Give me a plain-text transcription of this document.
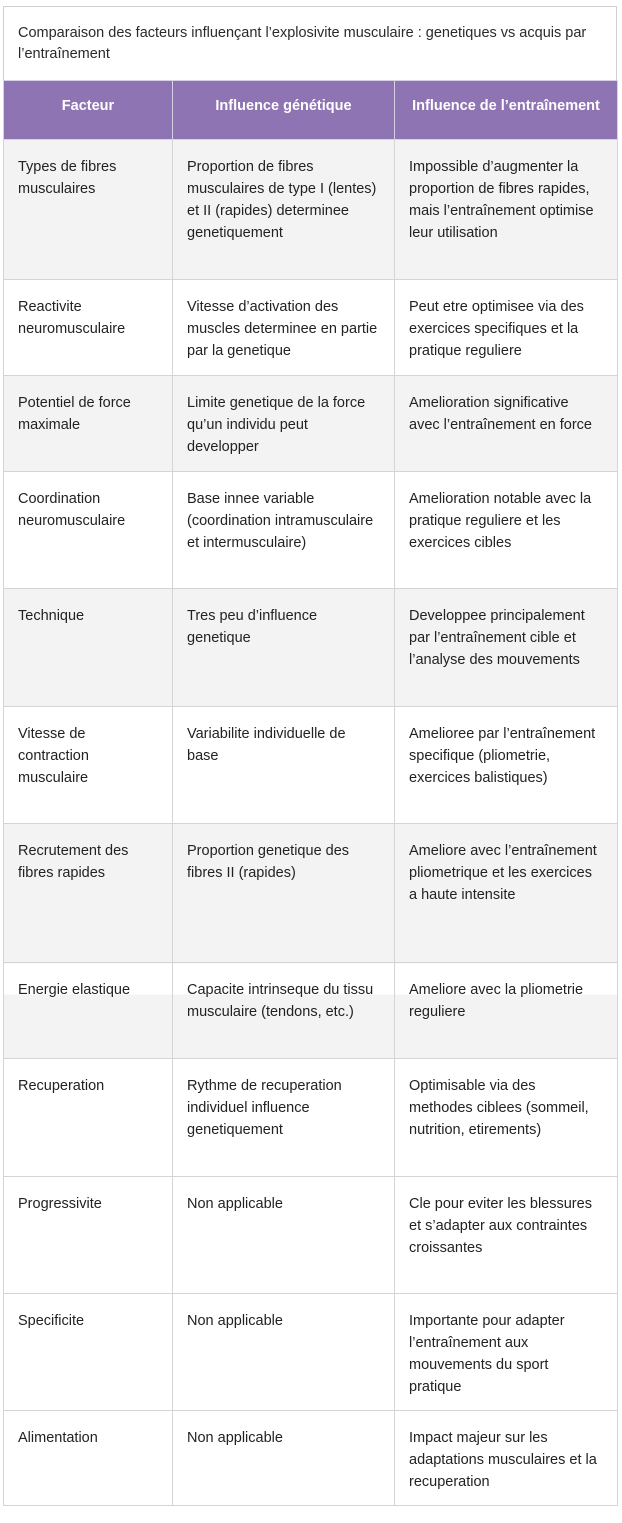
Comparaison des facteurs influençant l’explosivite musculaire : genetiques vs acquis par l’entraînement
Facteur	Influence génétique	Influence de l’entraînement
Types de fibres musculaires	Proportion de fibres musculaires de type I (lentes) et II (rapides) determinee genetiquement	Impossible d’augmenter la proportion de fibres rapides, mais l’entraînement optimise leur utilisation
Reactivite neuromusculaire	Vitesse d’activation des muscles determinee en partie par la genetique	Peut etre optimisee via des exercices specifiques et la pratique reguliere
Potentiel de force maximale	Limite genetique de la force qu’un individu peut developper	Amelioration significative avec l’entraînement en force
Coordination neuromusculaire	Base innee variable (coordination intramusculaire et intermusculaire)	Amelioration notable avec la pratique reguliere et les exercices cibles
Technique	Tres peu d’influence genetique	Developpee principalement par l’entraînement cible et l’analyse des mouvements
Vitesse de contraction musculaire	Variabilite individuelle de base	Amelioree par l’entraînement specifique (pliometrie, exercices balistiques)
Recrutement des fibres rapides	Proportion genetique des fibres II (rapides)	Ameliore avec l’entraînement pliometrique et les exercices a haute intensite
Energie elastique	Capacite intrinseque du tissu musculaire (tendons, etc.)	Ameliore avec la pliometrie reguliere
Recuperation	Rythme de recuperation individuel influence genetiquement	Optimisable via des methodes ciblees (sommeil, nutrition, etirements)
Progressivite	Non applicable	Cle pour eviter les blessures et s’adapter aux contraintes croissantes
Specificite	Non applicable	Importante pour adapter l’entraînement aux mouvements du sport pratique
Alimentation	Non applicable	Impact majeur sur les adaptations musculaires et la recuperation
